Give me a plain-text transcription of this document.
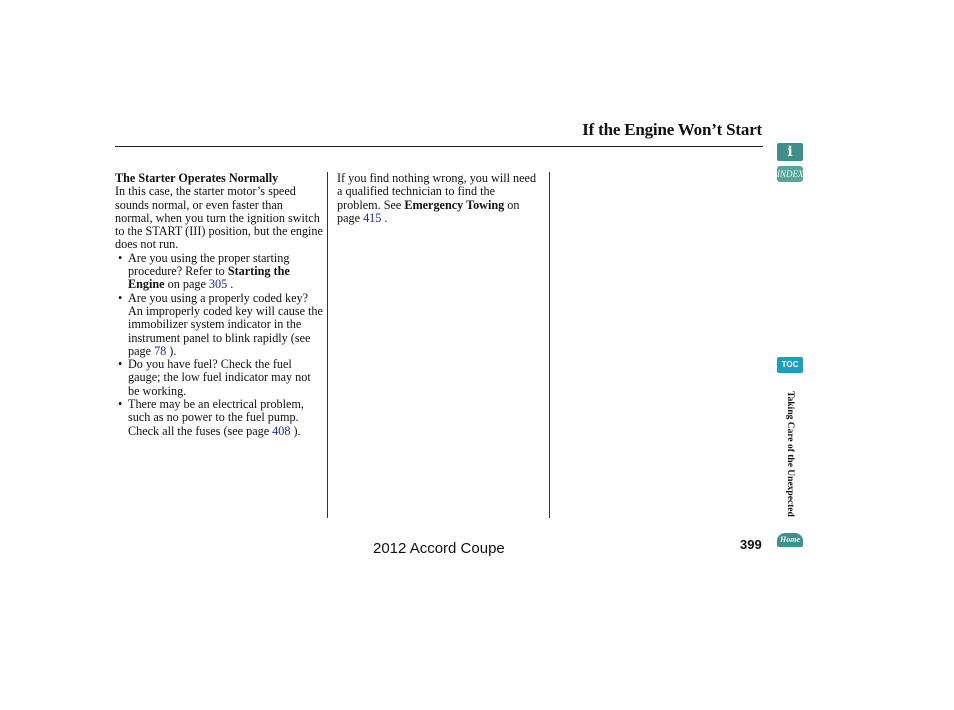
If the Engine Won’t Start

The Starter Operates Normally

In this case, the starter motor’s speed sounds normal, or even faster than normal, when you turn the ignition switch to the START (III) position, but the engine does not run.

• Are you using the proper starting procedure? Refer to Starting the Engine on page 305 .

• Are you using a properly coded key? An improperly coded key will cause the immobilizer system indicator in the instrument panel to blink rapidly (see page 78 ).

• Do you have fuel? Check the fuel gauge; the low fuel indicator may not be working.

• There may be an electrical problem, such as no power to the fuel pump. Check all the fuses (see page 408 ).

If you find nothing wrong, you will need a qualified technician to find the problem. See Emergency Towing on page 415 .

i
INDEX
TOC
Taking Care of the Unexpected
Home
399
2012 Accord Coupe
